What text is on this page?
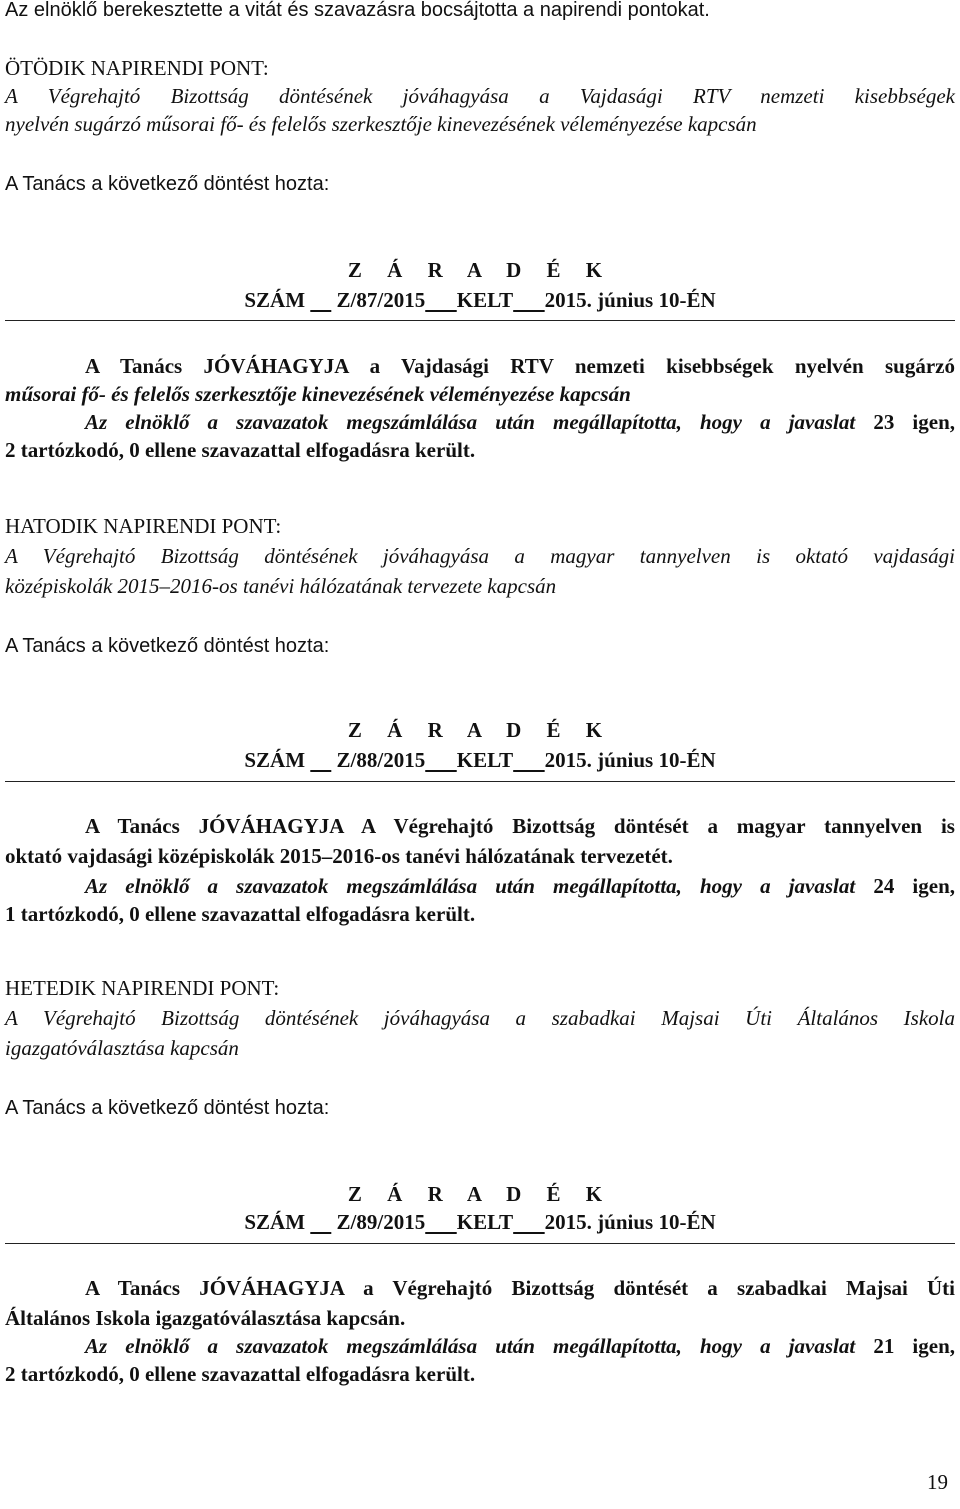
Az elnöklő berekesztette a vitát és szavazásra bocsájtotta a napirendi pontokat.
ÖTÖDIK NAPIRENDI PONT:
A Végrehajtó Bizottság döntésének jóváhagyása a Vajdasági RTV nemzeti kisebbségek
nyelvén sugárzó műsorai fő- és felelős szerkesztője kinevezésének véleményezése kapcsán
A Tanács a következő döntést hozta:
Z Á R A D É K
SZÁM Z/87/2015 KELT 2015. június 10-ÉN
A Tanács JÓVÁHAGYJA a Vajdasági RTV nemzeti kisebbségek nyelvén sugárzó
műsorai fő- és felelős szerkesztője kinevezésének véleményezése kapcsán
Az elnöklő a szavazatok megszámlálása után megállapította, hogy a javaslat 23 igen,
2 tartózkodó, 0 ellene szavazattal elfogadásra került.
HATODIK NAPIRENDI PONT:
A Végrehajtó Bizottság döntésének jóváhagyása a magyar tannyelven is oktató vajdasági
középiskolák 2015‒2016-os tanévi hálózatának tervezete kapcsán
A Tanács a következő döntést hozta:
Z Á R A D É K
SZÁM Z/88/2015 KELT 2015. június 10-ÉN
A Tanács JÓVÁHAGYJA A Végrehajtó Bizottság döntését a magyar tannyelven is
oktató vajdasági középiskolák 2015‒2016-os tanévi hálózatának tervezetét.
Az elnöklő a szavazatok megszámlálása után megállapította, hogy a javaslat 24 igen,
1 tartózkodó, 0 ellene szavazattal elfogadásra került.
HETEDIK NAPIRENDI PONT:
A Végrehajtó Bizottság döntésének jóváhagyása a szabadkai Majsai Úti Általános Iskola
igazgatóválasztása kapcsán
A Tanács a következő döntést hozta:
Z Á R A D É K
SZÁM Z/89/2015 KELT 2015. június 10-ÉN
A Tanács JÓVÁHAGYJA a Végrehajtó Bizottság döntését a szabadkai Majsai Úti
Általános Iskola igazgatóválasztása kapcsán.
Az elnöklő a szavazatok megszámlálása után megállapította, hogy a javaslat 21 igen,
2 tartózkodó, 0 ellene szavazattal elfogadásra került.
19
